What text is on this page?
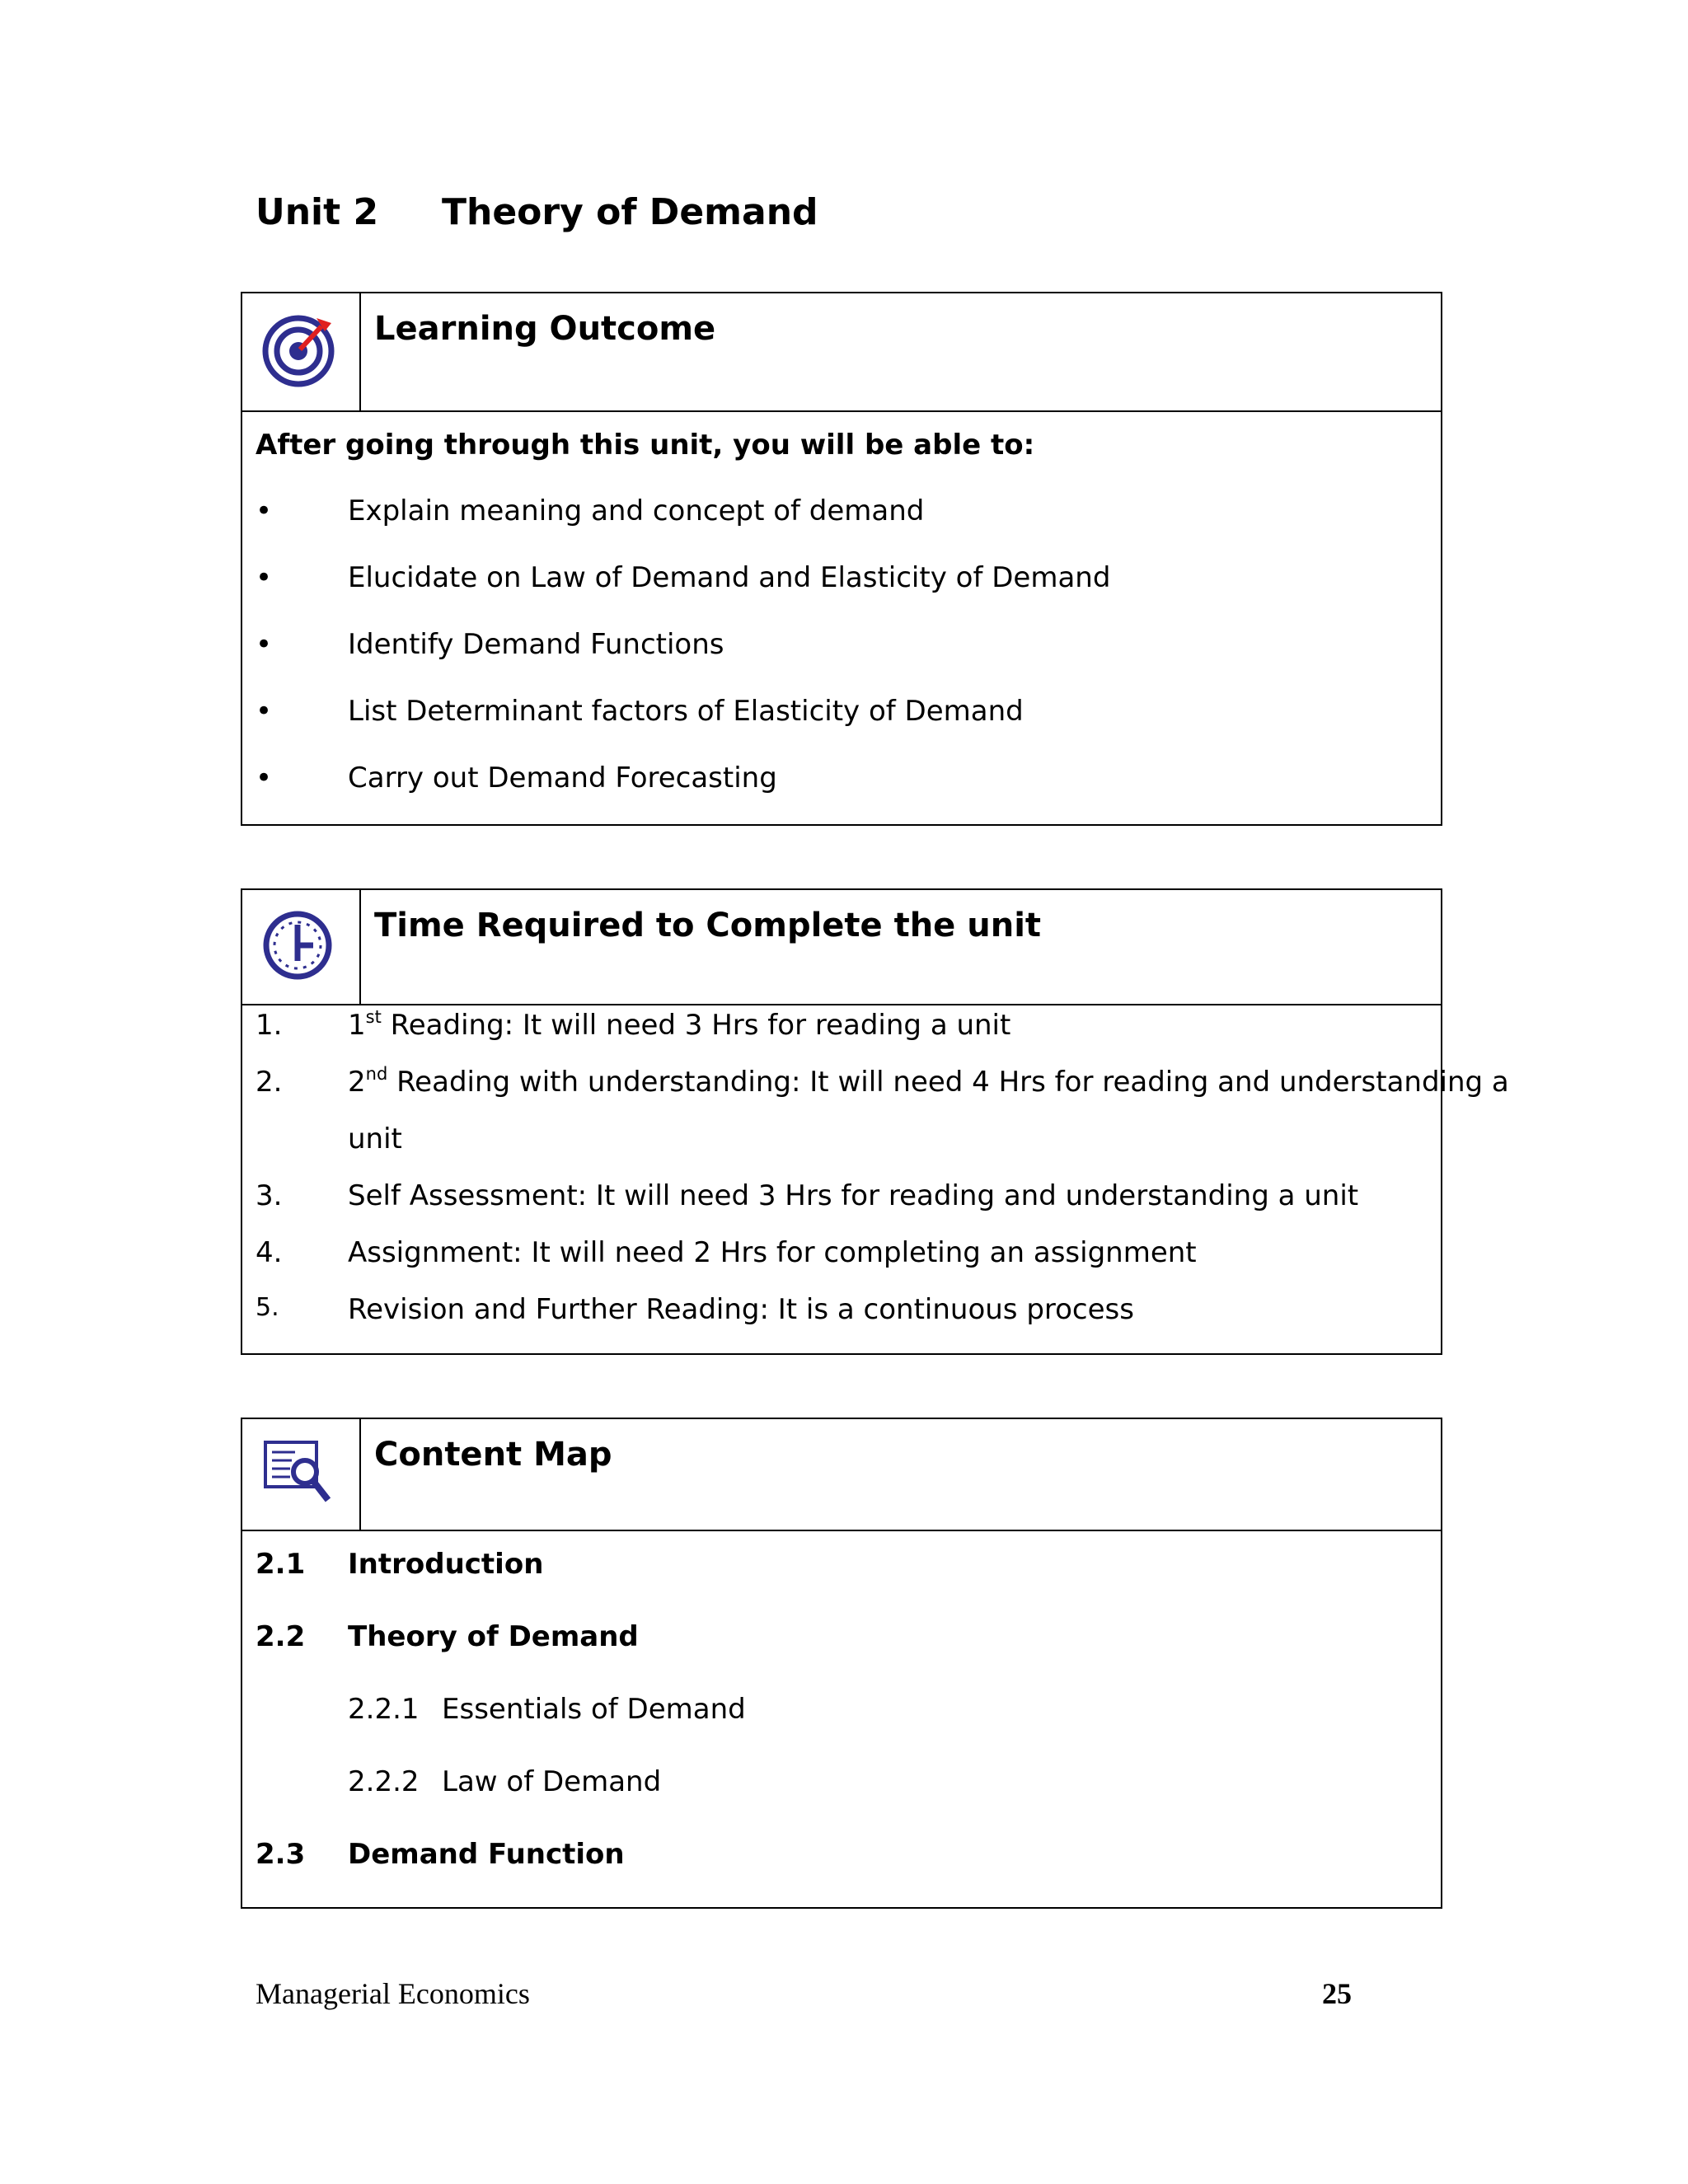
Unit 2 Theory of Demand
Learning Outcome
After going through this unit, you will be able to:
•	Explain meaning and concept of demand
•	Elucidate on Law of Demand and Elasticity of Demand
•	Identify Demand Functions
•	List Determinant factors of Elasticity of Demand
•	Carry out Demand Forecasting
Time Required to Complete the unit
1. 1st Reading: It will need 3 Hrs for reading a unit
2. 2nd Reading with understanding: It will need 4 Hrs for reading and understanding a
unit
3. Self Assessment: It will need 3 Hrs for reading and understanding a unit
4. Assignment: It will need 2 Hrs for completing an assignment
5. Revision and Further Reading: It is a continuous process
Content Map
2.1 Introduction
2.2 Theory of Demand
2.2.1 Essentials of Demand
2.2.2 Law of Demand
2.3 Demand Function
Managerial Economics	25
